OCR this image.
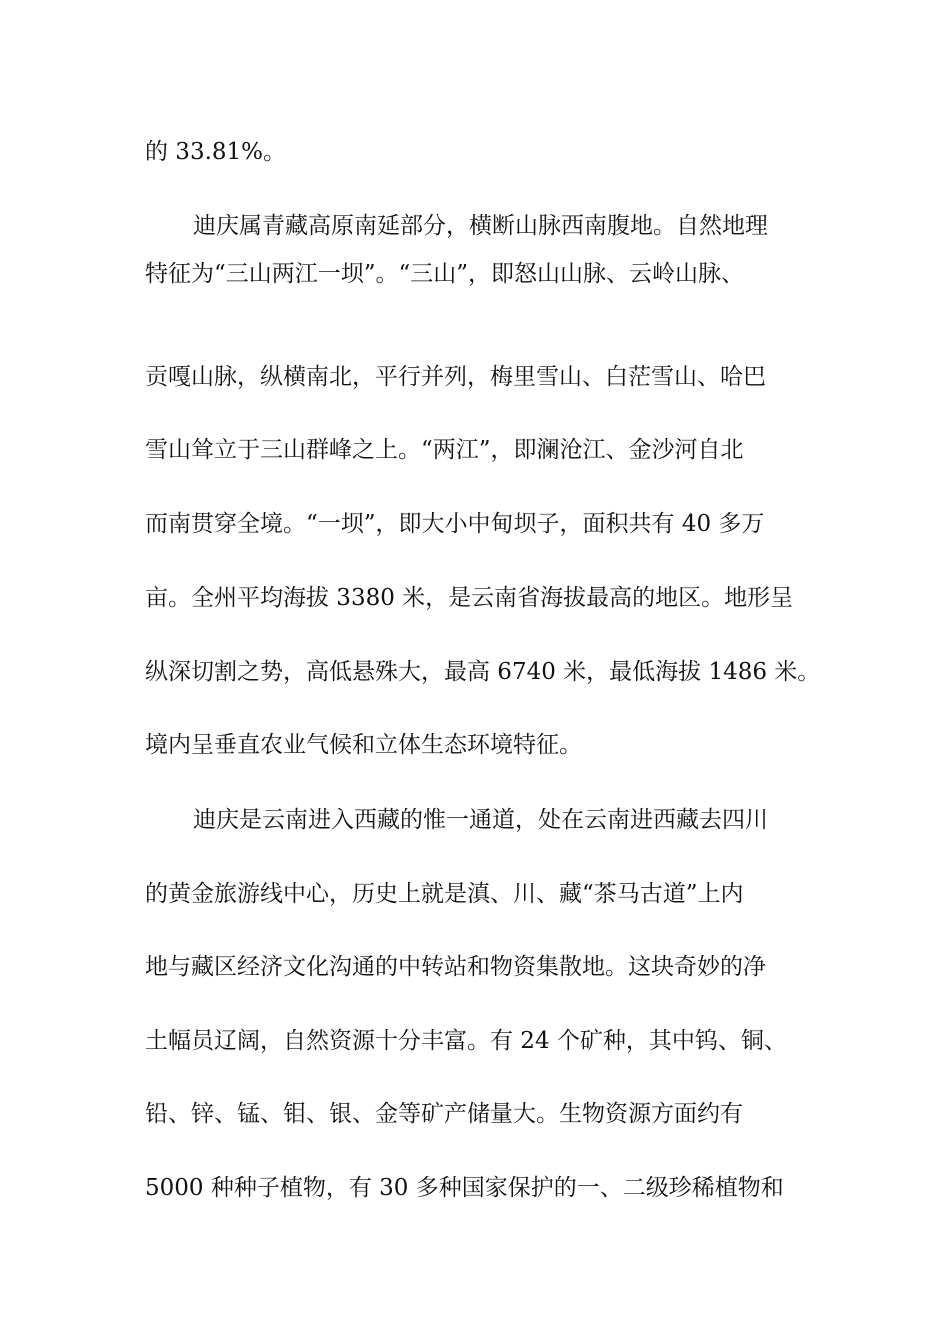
的 33.81%。
迪庆属青藏高原南延部分，横断山脉西南腹地。自然地理
特征为“三山两江一坝”。“三山”，即怒山山脉、云岭山脉、
贡嘎山脉，纵横南北，平行并列，梅里雪山、白茫雪山、哈巴
雪山耸立于三山群峰之上。“两江”，即澜沧江、金沙河自北
而南贯穿全境。“一坝”，即大小中甸坝子，面积共有 40 多万
亩。全州平均海拔 3380 米，是云南省海拔最高的地区。地形呈
纵深切割之势，高低悬殊大，最高 6740 米，最低海拔 1486 米。
境内呈垂直农业气候和立体生态环境特征。
迪庆是云南进入西藏的惟一通道，处在云南进西藏去四川
的黄金旅游线中心，历史上就是滇、川、藏“茶马古道”上内
地与藏区经济文化沟通的中转站和物资集散地。这块奇妙的净
土幅员辽阔，自然资源十分丰富。有 24 个矿种，其中钨、铜、
铅、锌、锰、钼、银、金等矿产储量大。生物资源方面约有
5000 种种子植物，有 30 多种国家保护的一、二级珍稀植物和
